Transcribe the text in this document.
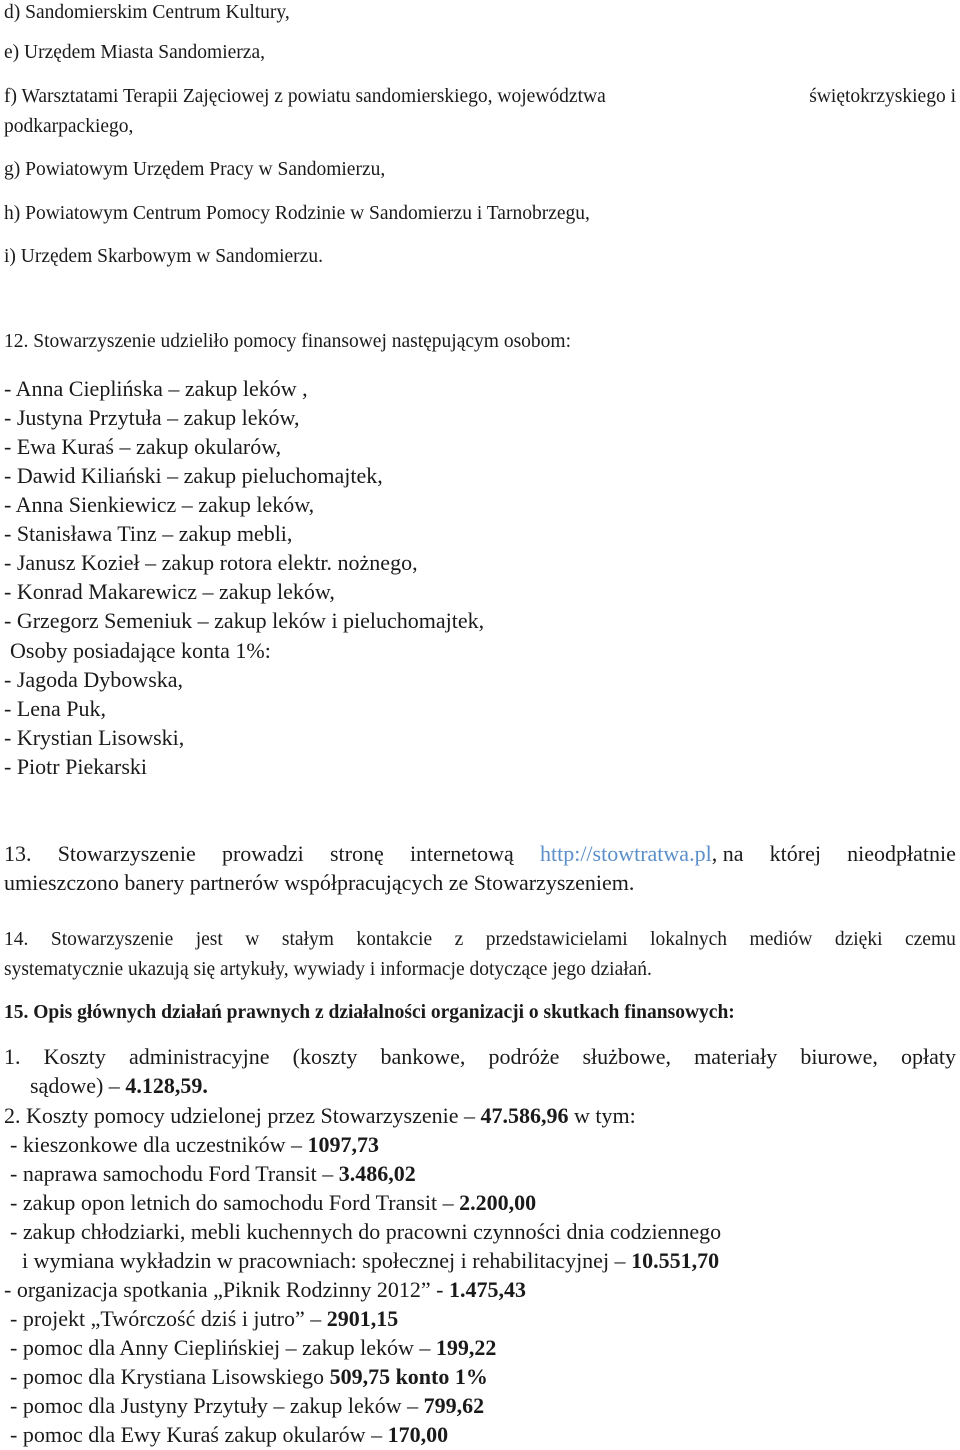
d) Sandomierskim Centrum Kultury,
e) Urzędem Miasta Sandomierza,
f) Warsztatami Terapii Zajęciowej z powiatu sandomierskiego, województwa	świętokrzyskiego i
podkarpackiego,
g) Powiatowym Urzędem Pracy w Sandomierzu,
h) Powiatowym Centrum Pomocy Rodzinie w Sandomierzu i Tarnobrzegu,
i) Urzędem Skarbowym w Sandomierzu.
12. Stowarzyszenie udzieliło pomocy finansowej następującym osobom:
- Anna Cieplińska – zakup leków ,
- Justyna Przytuła – zakup leków,
- Ewa Kuraś – zakup okularów,
- Dawid Kiliański – zakup pieluchomajtek,
- Anna Sienkiewicz – zakup leków,
- Stanisława Tinz – zakup mebli,
- Janusz Kozieł – zakup rotora elektr. nożnego,
- Konrad Makarewicz – zakup leków,
- Grzegorz Semeniuk – zakup leków i pieluchomajtek,
Osoby posiadające konta 1%:
- Jagoda Dybowska,
- Lena Puk,
- Krystian Lisowski,
- Piotr Piekarski
13. Stowarzyszenie prowadzi stronę internetową http://stowtratwa.pl, na której nieodpłatnie
umieszczono banery partnerów współpracujących ze Stowarzyszeniem.
14. Stowarzyszenie jest w stałym kontakcie z przedstawicielami lokalnych mediów dzięki czemu
systematycznie ukazują się artykuły, wywiady i informacje dotyczące jego działań.
15. Opis głównych działań prawnych z działalności organizacji o skutkach finansowych:
1. Koszty administracyjne (koszty bankowe, podróże służbowe, materiały biurowe, opłaty
sądowe) – 4.128,59.
2. Koszty pomocy udzielonej przez Stowarzyszenie – 47.586,96 w tym:
- kieszonkowe dla uczestników – 1097,73
- naprawa samochodu Ford Transit – 3.486,02
- zakup opon letnich do samochodu Ford Transit – 2.200,00
- zakup chłodziarki, mebli kuchennych do pracowni czynności dnia codziennego
i wymiana wykładzin w pracowniach: społecznej i rehabilitacyjnej – 10.551,70
- organizacja spotkania „Piknik Rodzinny 2012” - 1.475,43
- projekt „Twórczość dziś i jutro” – 2901,15
- pomoc dla Anny Cieplińskiej – zakup leków – 199,22
- pomoc dla Krystiana Lisowskiego 509,75 konto 1%
- pomoc dla Justyny Przytuły – zakup leków – 799,62
- pomoc dla Ewy Kuraś zakup okularów – 170,00
